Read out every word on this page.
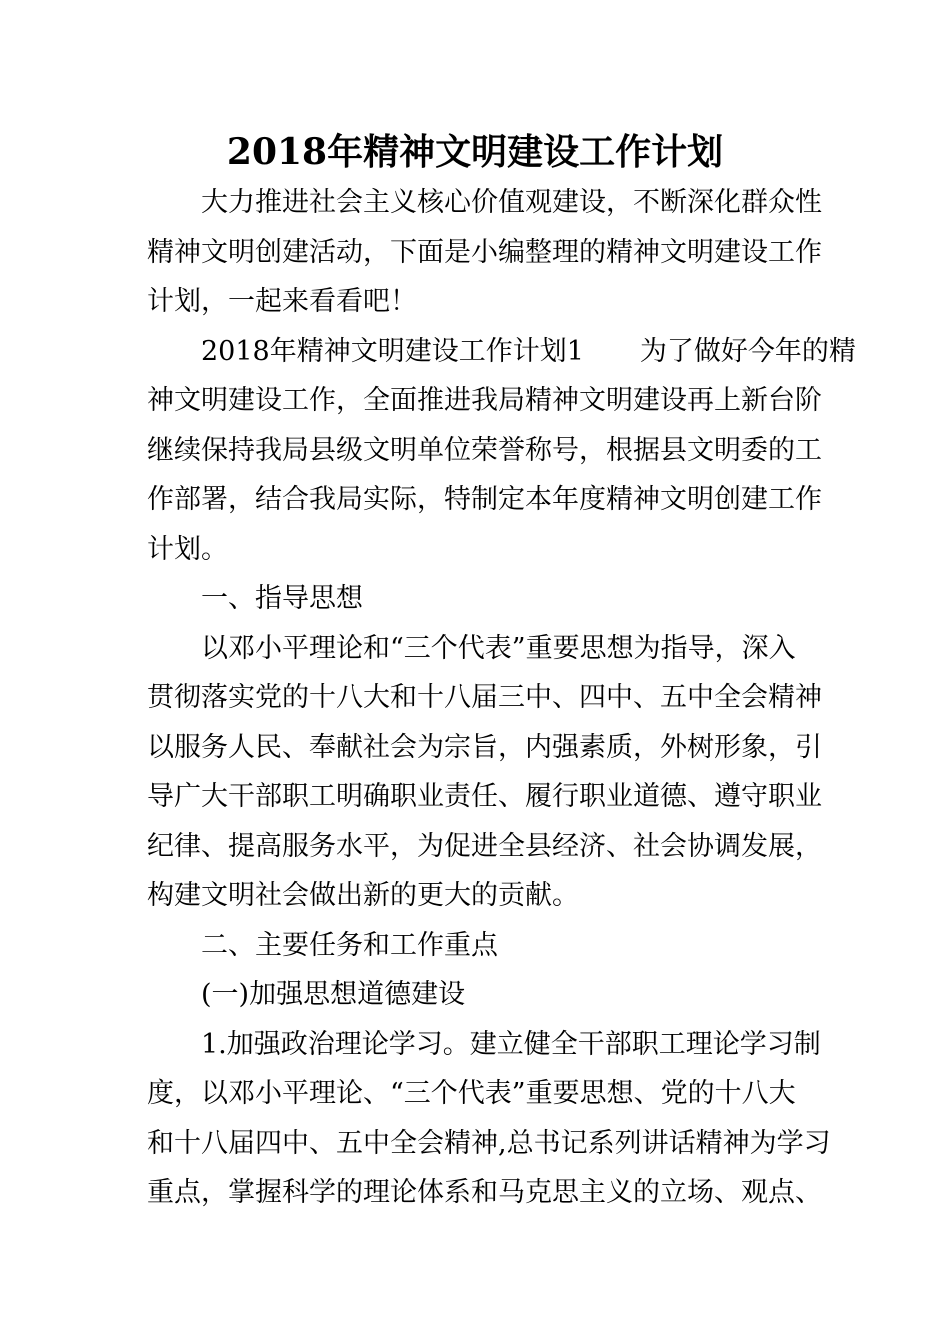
2018年精神文明建设工作计划
大力推进社会主义核心价值观建设，不断深化群众性
精神文明创建活动，下面是小编整理的精神文明建设工作
计划，一起来看看吧！
2018年精神文明建设工作计划1 为了做好今年的精
神文明建设工作，全面推进我局精神文明建设再上新台阶
继续保持我局县级文明单位荣誉称号，根据县文明委的工
作部署，结合我局实际，特制定本年度精神文明创建工作
计划。
一、指导思想
以邓小平理论和“三个代表”重要思想为指导，深入
贯彻落实党的十八大和十八届三中、四中、五中全会精神
以服务人民、奉献社会为宗旨，内强素质，外树形象，引
导广大干部职工明确职业责任、履行职业道德、遵守职业
纪律、提高服务水平，为促进全县经济、社会协调发展，
构建文明社会做出新的更大的贡献。
二、主要任务和工作重点
(一)加强思想道德建设
1.加强政治理论学习。建立健全干部职工理论学习制
度，以邓小平理论、“三个代表”重要思想、党的十八大
和十八届四中、五中全会精神,总书记系列讲话精神为学习
重点，掌握科学的理论体系和马克思主义的立场、观点、
